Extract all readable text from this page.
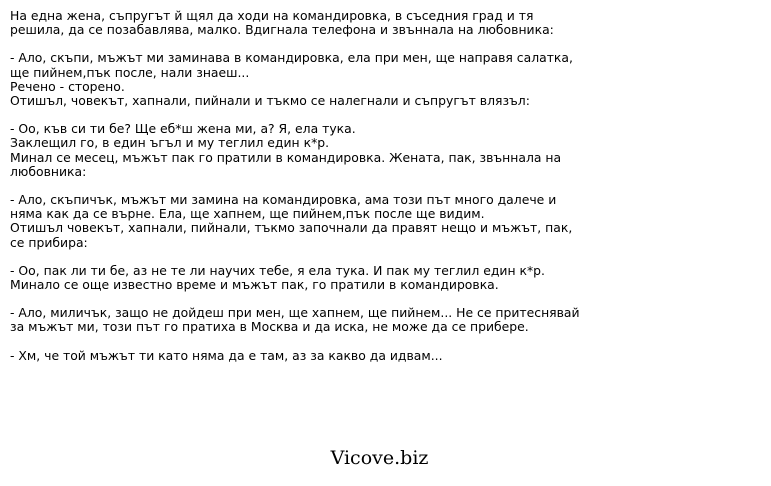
На една жена, съпругът й щял да ходи на командировка, в съседния град и тя
решила, да се позабавлява, малко. Вдигнала телефона и звъннала на любовника:
- Ало, скъпи, мъжът ми заминава в командировка, ела при мен, ще направя салатка,
ще пийнем,пък после, нали знаеш...
Речено - сторено.
Отишъл, човекът, хапнали, пийнали и тъкмо се налегнали и съпругът влязъл:
- Оо, къв си ти бе? Ще еб*ш жена ми, а? Я, ела тука.
Заклещил го, в един ъгъл и му теглил един к*р.
Минал се месец, мъжът пак го пратили в командировка. Жената, пак, звъннала на
любовника:
- Ало, скъпичък, мъжът ми замина на командировка, ама този път много далече и
няма как да се върне. Ела, ще хапнем, ще пийнем,пък после ще видим.
Отишъл човекът, хапнали, пийнали, тъкмо започнали да правят нещо и мъжът, пак,
се прибира:
- Оо, пак ли ти бе, аз не те ли научих тебе, я ела тука. И пак му теглил един к*р.
Минало се още известно време и мъжът пак, го пратили в командировка.
- Ало, миличък, защо не дойдеш при мен, ще хапнем, ще пийнем... Не се притеснявай
за мъжът ми, този път го пратиха в Москва и да иска, не може да се прибере.
- Хм, че той мъжът ти като няма да е там, аз за какво да идвам...
Vicove.biz
